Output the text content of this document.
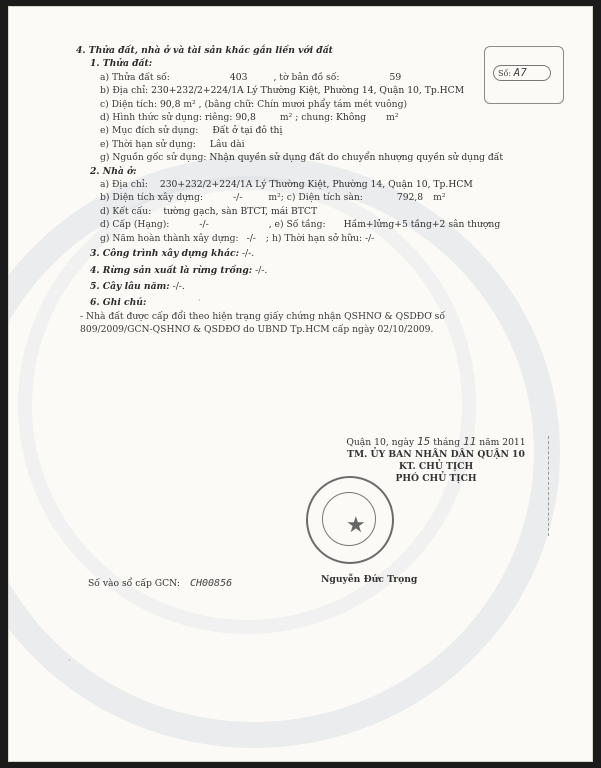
Số: A7
4. Thửa đất, nhà ở và tài sản khác gắn liền với đất
1. Thửa đất:
a) Thửa đất số:	403	, tờ bản đồ số:	59
b) Địa chỉ: 230+232/2+224/1A Lý Thường Kiệt, Phường 14, Quận 10, Tp.HCM
c) Diện tích: 90,8 m² , (bằng chữ: Chín mươi phẩy tám mét vuông)
d) Hình thức sử dụng: riêng: 90,8	m² ; chung: Không m²
e) Mục đích sử dụng: Đất ở tại đô thị
e) Thời hạn sử dụng: Lâu dài
g) Nguồn gốc sử dụng: Nhận quyền sử dụng đất do chuyển nhượng quyền sử dụng đất
2. Nhà ở:
a) Địa chỉ: 230+232/2+224/1A Lý Thường Kiệt, Phường 14, Quận 10, Tp.HCM
b) Diện tích xây dựng:	-/-	m²; c) Diện tích sàn:	792,8 m²
d) Kết cấu: tường gạch, sàn BTCT, mái BTCT
d) Cấp (Hạng):	-/-	, e) Số tầng: Hầm+lửng+5 tầng+2 sân thượng
g) Năm hoàn thành xây dựng: -/- ; h) Thời hạn sở hữu: -/-
3. Công trình xây dựng khác: -/-.
4. Rừng sản xuất là rừng trồng: -/-.
5. Cây lâu năm: -/-.
6. Ghi chú:
- Nhà đất được cấp đổi theo hiện trạng giấy chứng nhận QSHNƠ & QSDĐƠ số
809/2009/GCN-QSHNƠ & QSDĐƠ do UBND Tp.HCM cấp ngày 02/10/2009.
Quận 10, ngày 15 tháng 11 năm 2011
TM. ỦY BAN NHÂN DÂN QUẬN 10
KT. CHỦ TỊCH
PHÓ CHỦ TỊCH
★
Số vào sổ cấp GCN: CH00856	Nguyễn Đức Trọng
·
·
